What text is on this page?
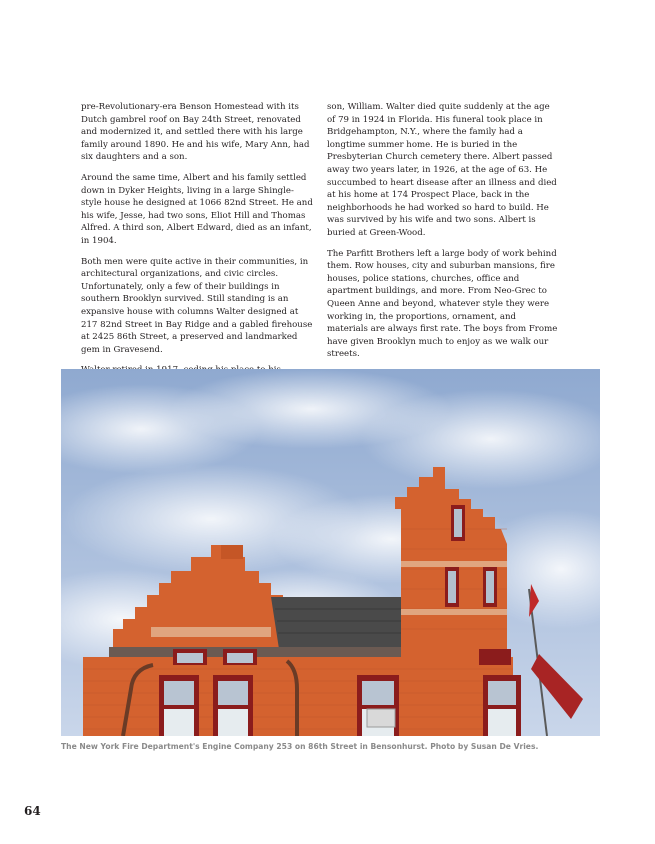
pre-Revolutionary-era Benson Homestead with its Dutch gambrel roof on Bay 24th Street, renovated and modernized it, and settled there with his large family around 1890. He and his wife, Mary Ann, had six daughters and a son.

Around the same time, Albert and his family settled down in Dyker Heights, living in a large Shingle-style house he designed at 1066 82nd Street. He and his wife, Jesse, had two sons, Eliot Hill and Thomas Alfred. A third son, Albert Edward, died as an infant, in 1904.

Both men were quite active in their communities, in architectural organizations, and civic circles. Unfortunately, only a few of their buildings in southern Brooklyn survived. Still standing is an expansive house with columns Walter designed at 217 82nd Street in Bay Ridge and a gabled firehouse at 2425 86th Street, a preserved and landmarked gem in Gravesend.

son, William. Walter died quite suddenly at the age of 79 in 1924 in Florida. His funeral took place in Bridgehampton, N.Y., where the family had a longtime summer home. He is buried in the Presbyterian Church cemetery there. Albert passed away two years later, in 1926, at the age of 63. He succumbed to heart disease after an illness and died at his home at 174 Prospect Place, back in the neighborhoods he had worked so hard to build. He was survived by his wife and two sons. Albert is buried at Green-Wood.

The Parfitt Brothers left a large body of work behind them. Row houses, city and suburban mansions, fire houses, police stations, churches, office and apartment buildings, and more. From Neo-Grec to Queen Anne and beyond, whatever style they were working in, the proportions, ornament, and materials are always first rate. The boys from Frome have given Brooklyn much to enjoy as we walk our streets.

The New York Fire Department's Engine Company 253 on 86th Street in Bensonhurst. Photo by Susan De Vries.
64
